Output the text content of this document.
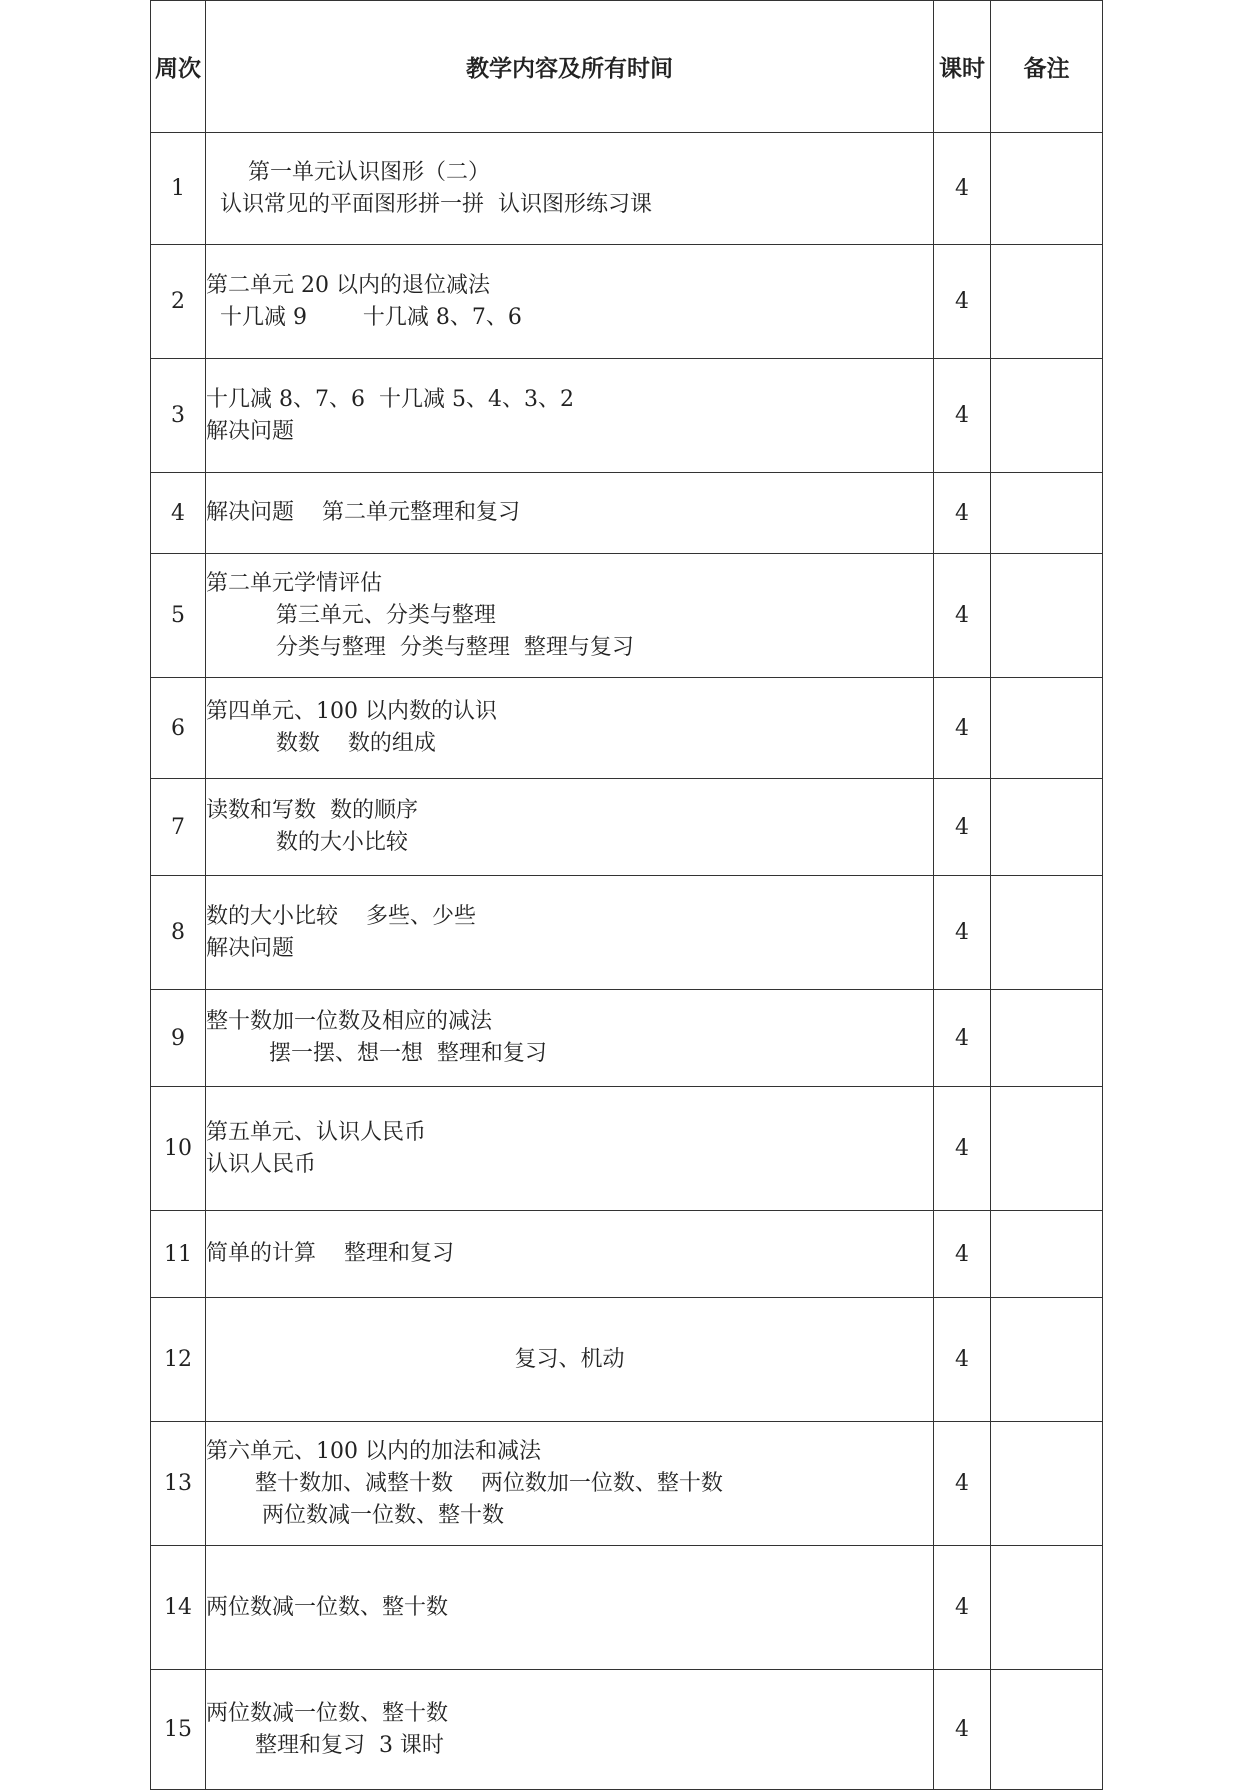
周次	教学内容及所有时间	课时	备注
1	第一单元认识图形（二）
认识常见的平面图形拼一拼  认识图形练习课	4	
2	第二单元 20 以内的退位减法
十几减 9        十几减 8、7、6	4	
3	十几减 8、7、6  十几减 5、4、3、2
解决问题	4	
4	解决问题    第二单元整理和复习	4	
5	第二单元学情评估
第三单元、分类与整理
分类与整理  分类与整理  整理与复习	4	
6	第四单元、100 以内数的认识
数数    数的组成	4	
7	读数和写数  数的顺序
数的大小比较	4	
8	数的大小比较    多些、少些
解决问题	4	
9	整十数加一位数及相应的减法
摆一摆、想一想  整理和复习	4	
10	第五单元、认识人民币
认识人民币	4	
11	简单的计算    整理和复习	4	
12	复习、机动	4	
13	第六单元、100 以内的加法和减法
整十数加、减整十数    两位数加一位数、整十数
两位数减一位数、整十数	4	
14	两位数减一位数、整十数	4	
15	两位数减一位数、整十数
整理和复习  3 课时	4	
